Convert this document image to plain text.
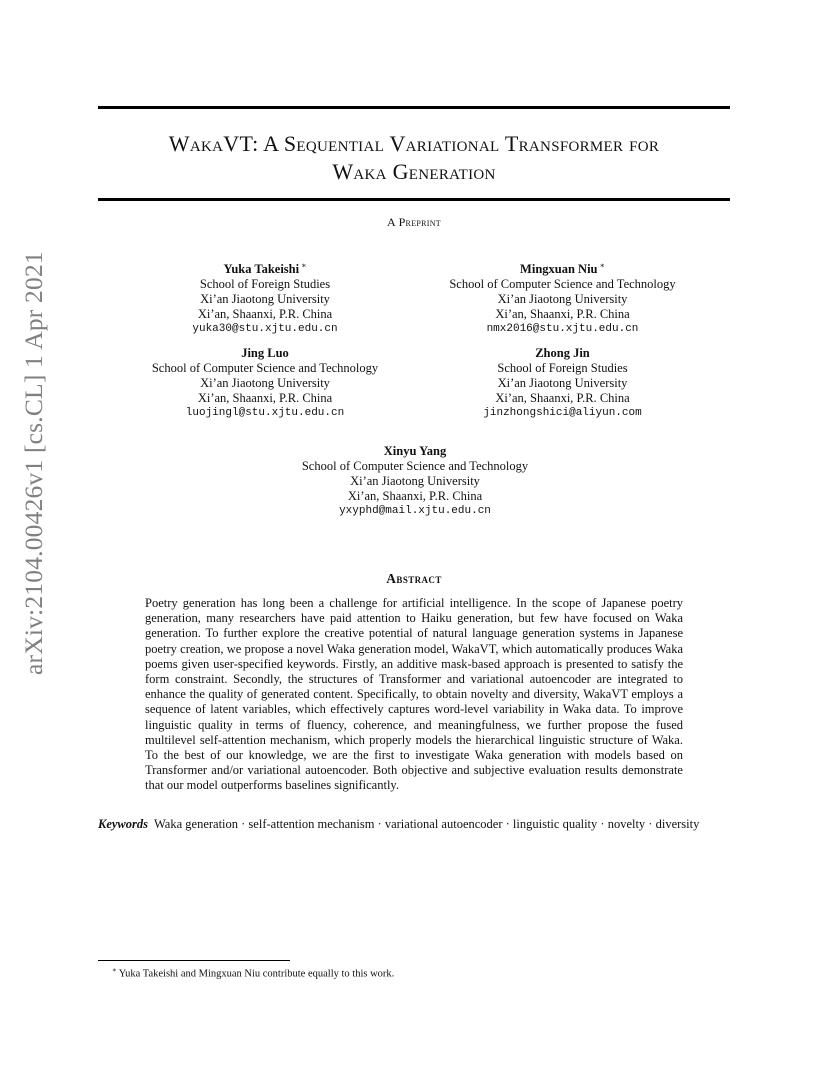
arXiv:2104.00426v1 [cs.CL] 1 Apr 2021
WakaVT: A Sequential Variational Transformer for
Waka Generation
A Preprint
Yuka Takeishi ∗
School of Foreign Studies
Xi’an Jiaotong University
Xi’an, Shaanxi, P.R. China
yuka30@stu.xjtu.edu.cn
Mingxuan Niu ∗
School of Computer Science and Technology
Xi’an Jiaotong University
Xi’an, Shaanxi, P.R. China
nmx2016@stu.xjtu.edu.cn
Jing Luo
School of Computer Science and Technology
Xi’an Jiaotong University
Xi’an, Shaanxi, P.R. China
luojingl@stu.xjtu.edu.cn
Zhong Jin
School of Foreign Studies
Xi’an Jiaotong University
Xi’an, Shaanxi, P.R. China
jinzhongshici@aliyun.com
Xinyu Yang
School of Computer Science and Technology
Xi’an Jiaotong University
Xi’an, Shaanxi, P.R. China
yxyphd@mail.xjtu.edu.cn
Abstract
Poetry generation has long been a challenge for artificial intelligence. In the scope of Japanese poetry generation, many researchers have paid attention to Haiku generation, but few have focused on Waka generation. To further explore the creative potential of natural language generation systems in Japanese poetry creation, we propose a novel Waka generation model, WakaVT, which automatically produces Waka poems given user-specified keywords. Firstly, an additive mask-based approach is presented to satisfy the form constraint. Secondly, the structures of Transformer and variational autoencoder are integrated to enhance the quality of generated content. Specifically, to obtain novelty and diversity, WakaVT employs a sequence of latent variables, which effectively captures word-level variability in Waka data. To improve linguistic quality in terms of fluency, coherence, and meaningfulness, we further propose the fused multilevel self-attention mechanism, which properly models the hierarchical linguistic structure of Waka. To the best of our knowledge, we are the first to investigate Waka generation with models based on Transformer and/or variational autoencoder. Both objective and subjective evaluation results demonstrate that our model outperforms baselines significantly.
Keywords Waka generation · self-attention mechanism · variational autoencoder · linguistic quality · novelty · diversity
∗ Yuka Takeishi and Mingxuan Niu contribute equally to this work.
